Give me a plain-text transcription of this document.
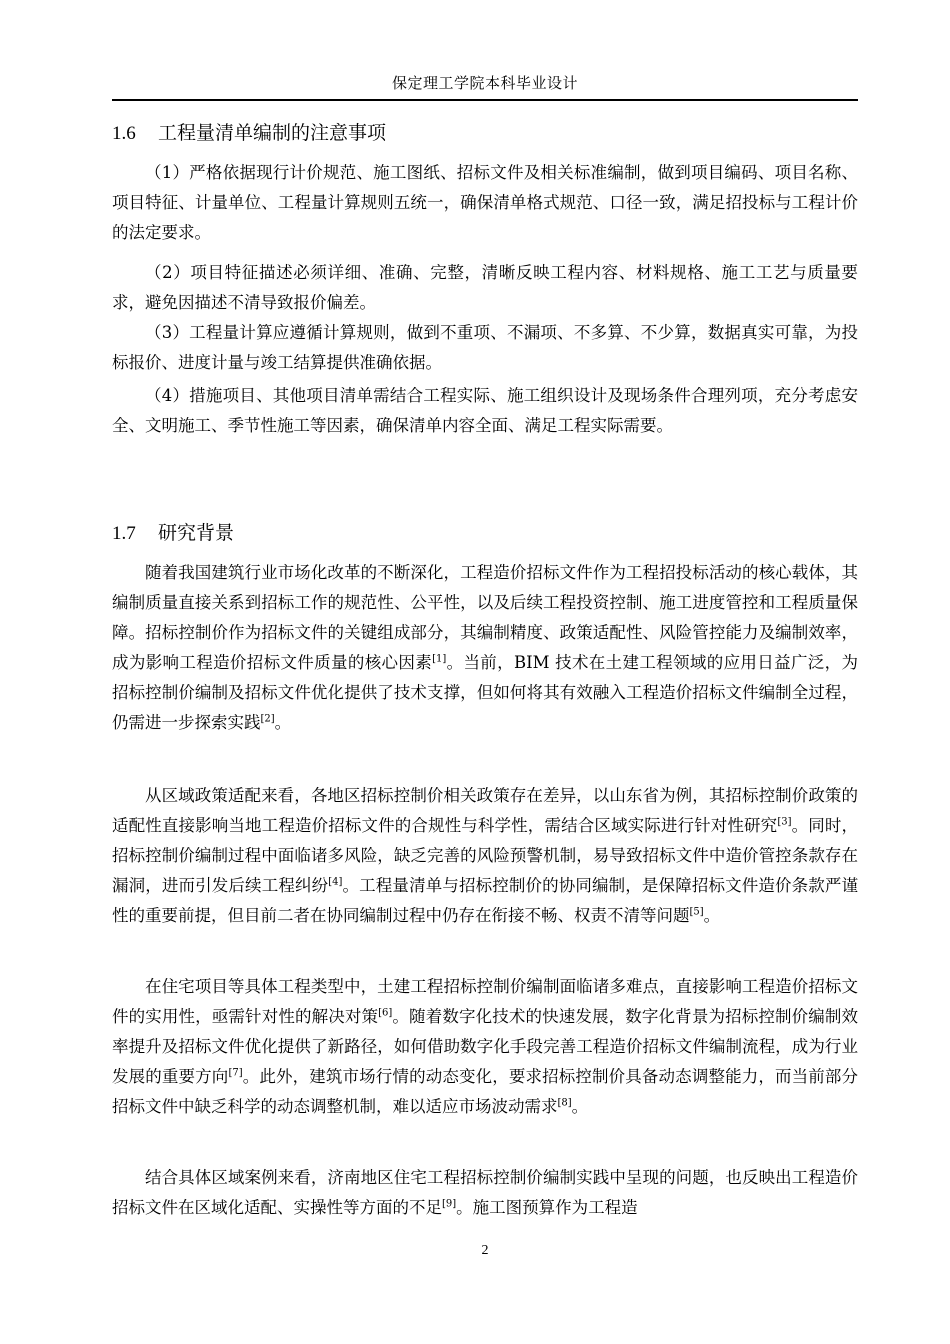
保定理工学院本科毕业设计
1.6 工程量清单编制的注意事项
（1）严格依据现行计价规范、施工图纸、招标文件及相关标准编制，做到项目编码、项目名称、项目特征、计量单位、工程量计算规则五统一，确保清单格式规范、口径一致，满足招投标与工程计价的法定要求。
（2）项目特征描述必须详细、准确、完整，清晰反映工程内容、材料规格、施工工艺与质量要求，避免因描述不清导致报价偏差。
（3）工程量计算应遵循计算规则，做到不重项、不漏项、不多算、不少算，数据真实可靠，为投标报价、进度计量与竣工结算提供准确依据。
（4）措施项目、其他项目清单需结合工程实际、施工组织设计及现场条件合理列项，充分考虑安全、文明施工、季节性施工等因素，确保清单内容全面、满足工程实际需要。
1.7 研究背景
随着我国建筑行业市场化改革的不断深化，工程造价招标文件作为工程招投标活动的核心载体，其编制质量直接关系到招标工作的规范性、公平性，以及后续工程投资控制、施工进度管控和工程质量保障。招标控制价作为招标文件的关键组成部分，其编制精度、政策适配性、风险管控能力及编制效率，成为影响工程造价招标文件质量的核心因素[1]。当前，BIM 技术在土建工程领域的应用日益广泛，为招标控制价编制及招标文件优化提供了技术支撑，但如何将其有效融入工程造价招标文件编制全过程，仍需进一步探索实践[2]。
从区域政策适配来看，各地区招标控制价相关政策存在差异，以山东省为例，其招标控制价政策的适配性直接影响当地工程造价招标文件的合规性与科学性，需结合区域实际进行针对性研究[3]。同时，招标控制价编制过程中面临诸多风险，缺乏完善的风险预警机制，易导致招标文件中造价管控条款存在漏洞，进而引发后续工程纠纷[4]。工程量清单与招标控制价的协同编制，是保障招标文件造价条款严谨性的重要前提，但目前二者在协同编制过程中仍存在衔接不畅、权责不清等问题[5]。
在住宅项目等具体工程类型中，土建工程招标控制价编制面临诸多难点，直接影响工程造价招标文件的实用性，亟需针对性的解决对策[6]。随着数字化技术的快速发展，数字化背景为招标控制价编制效率提升及招标文件优化提供了新路径，如何借助数字化手段完善工程造价招标文件编制流程，成为行业发展的重要方向[7]。此外，建筑市场行情的动态变化，要求招标控制价具备动态调整能力，而当前部分招标文件中缺乏科学的动态调整机制，难以适应市场波动需求[8]。
结合具体区域案例来看，济南地区住宅工程招标控制价编制实践中呈现的问题，也反映出工程造价招标文件在区域化适配、实操性等方面的不足[9]。施工图预算作为工程造
2
